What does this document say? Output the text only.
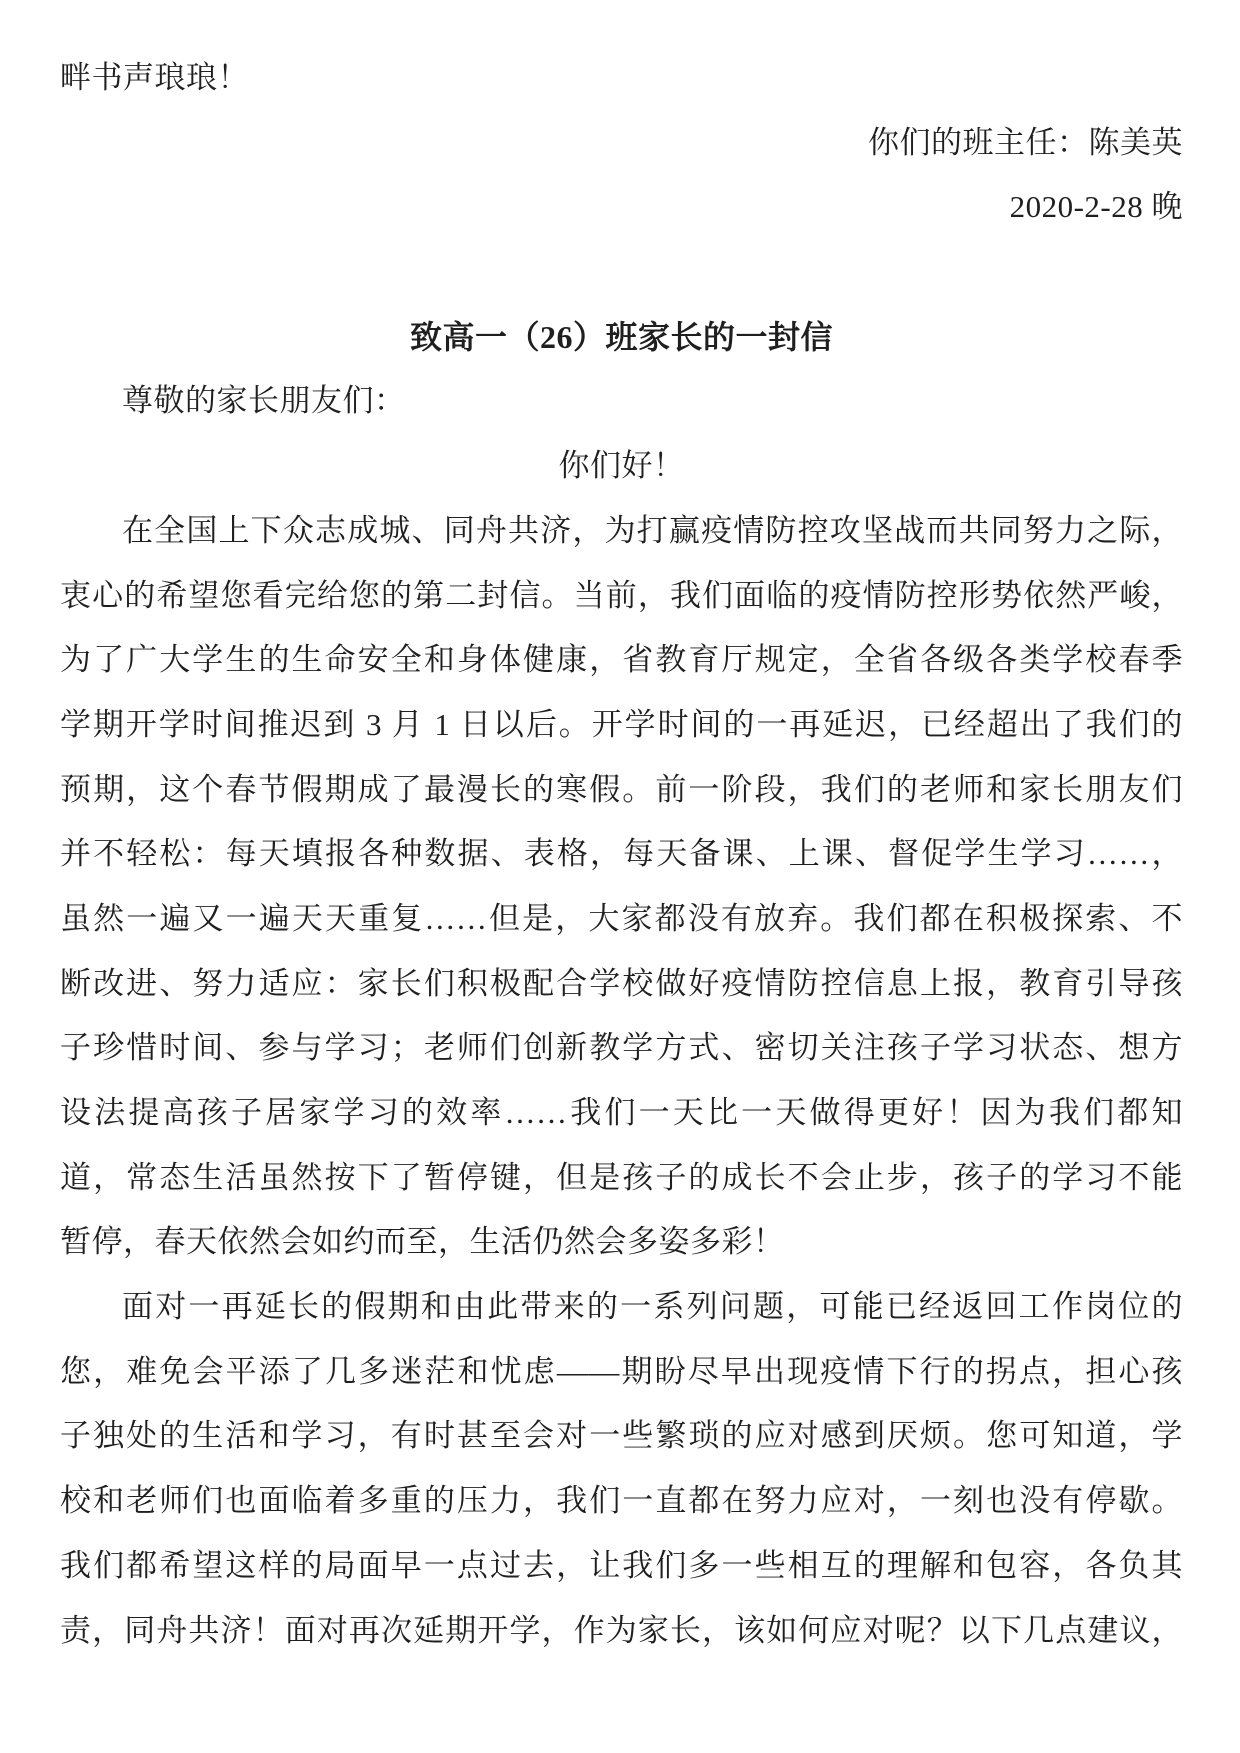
畔书声琅琅！
你们的班主任：陈美英
2020-2-28 晚
致高一（26）班家长的一封信
尊敬的家长朋友们：
你们好！
在全国上下众志成城、同舟共济，为打赢疫情防控攻坚战而共同努力之际，
衷心的希望您看完给您的第二封信。当前，我们面临的疫情防控形势依然严峻，
为了广大学生的生命安全和身体健康，省教育厅规定，全省各级各类学校春季
学期开学时间推迟到 3 月 1 日以后。开学时间的一再延迟，已经超出了我们的
预期，这个春节假期成了最漫长的寒假。前一阶段，我们的老师和家长朋友们
并不轻松：每天填报各种数据、表格，每天备课、上课、督促学生学习……，
虽然一遍又一遍天天重复……但是，大家都没有放弃。我们都在积极探索、不
断改进、努力适应：家长们积极配合学校做好疫情防控信息上报，教育引导孩
子珍惜时间、参与学习；老师们创新教学方式、密切关注孩子学习状态、想方
设法提高孩子居家学习的效率……我们一天比一天做得更好！因为我们都知
道，常态生活虽然按下了暂停键，但是孩子的成长不会止步，孩子的学习不能
暂停，春天依然会如约而至，生活仍然会多姿多彩！
面对一再延长的假期和由此带来的一系列问题，可能已经返回工作岗位的
您，难免会平添了几多迷茫和忧虑——期盼尽早出现疫情下行的拐点，担心孩
子独处的生活和学习，有时甚至会对一些繁琐的应对感到厌烦。您可知道，学
校和老师们也面临着多重的压力，我们一直都在努力应对，一刻也没有停歇。
我们都希望这样的局面早一点过去，让我们多一些相互的理解和包容，各负其
责，同舟共济！面对再次延期开学，作为家长，该如何应对呢？以下几点建议，
